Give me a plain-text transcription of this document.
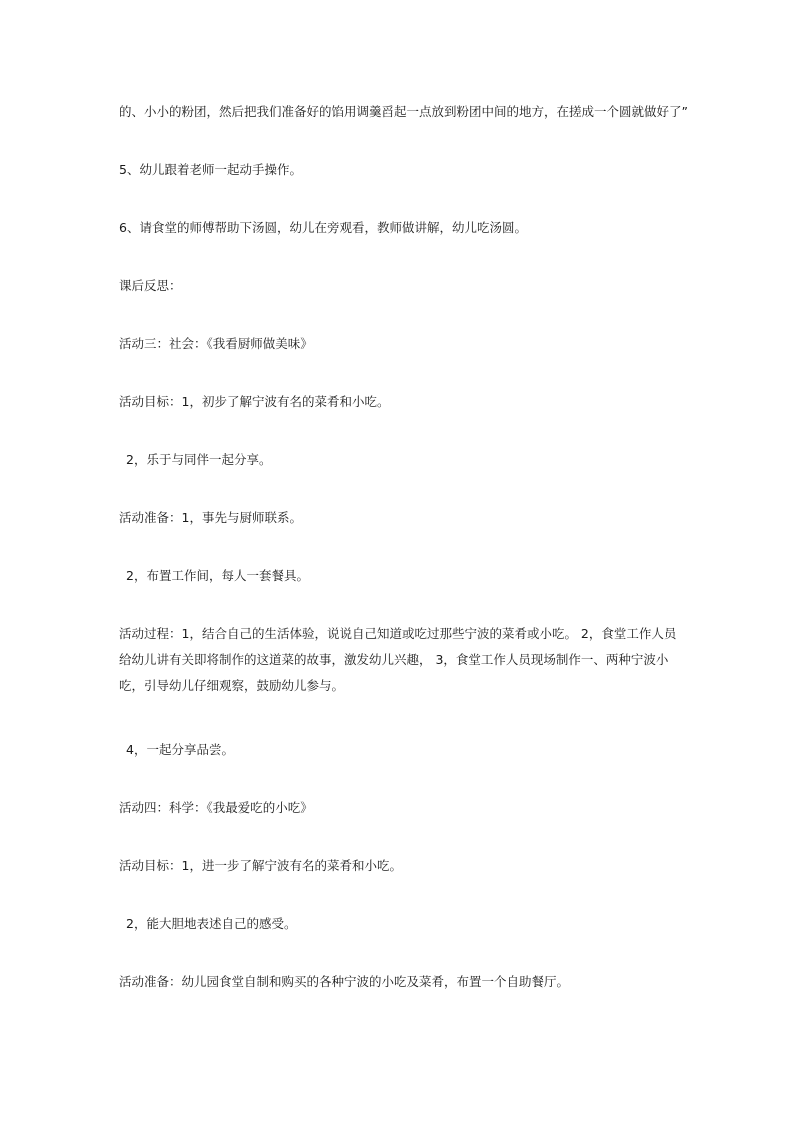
的、小小的粉团，然后把我们准备好的馅用调羹舀起一点放到粉团中间的地方，在搓成一个圆就做好了”
5、幼儿跟着老师一起动手操作。
6、请食堂的师傅帮助下汤圆，幼儿在旁观看，教师做讲解，幼儿吃汤圆。
课后反思：
活动三：社会：《我看厨师做美味》
活动目标：1，初步了解宁波有名的菜肴和小吃。
2，乐于与同伴一起分享。
活动准备：1，事先与厨师联系。
2，布置工作间，每人一套餐具。
活动过程：1，结合自己的生活体验，说说自己知道或吃过那些宁波的菜肴或小吃。 2，食堂工作人员给幼儿讲有关即将制作的这道菜的故事，激发幼儿兴趣， 3，食堂工作人员现场制作一、两种宁波小吃，引导幼儿仔细观察，鼓励幼儿参与。
4，一起分享品尝。
活动四：科学：《我最爱吃的小吃》
活动目标：1，进一步了解宁波有名的菜肴和小吃。
2，能大胆地表述自己的感受。
活动准备：幼儿园食堂自制和购买的各种宁波的小吃及菜肴，布置一个自助餐厅。
